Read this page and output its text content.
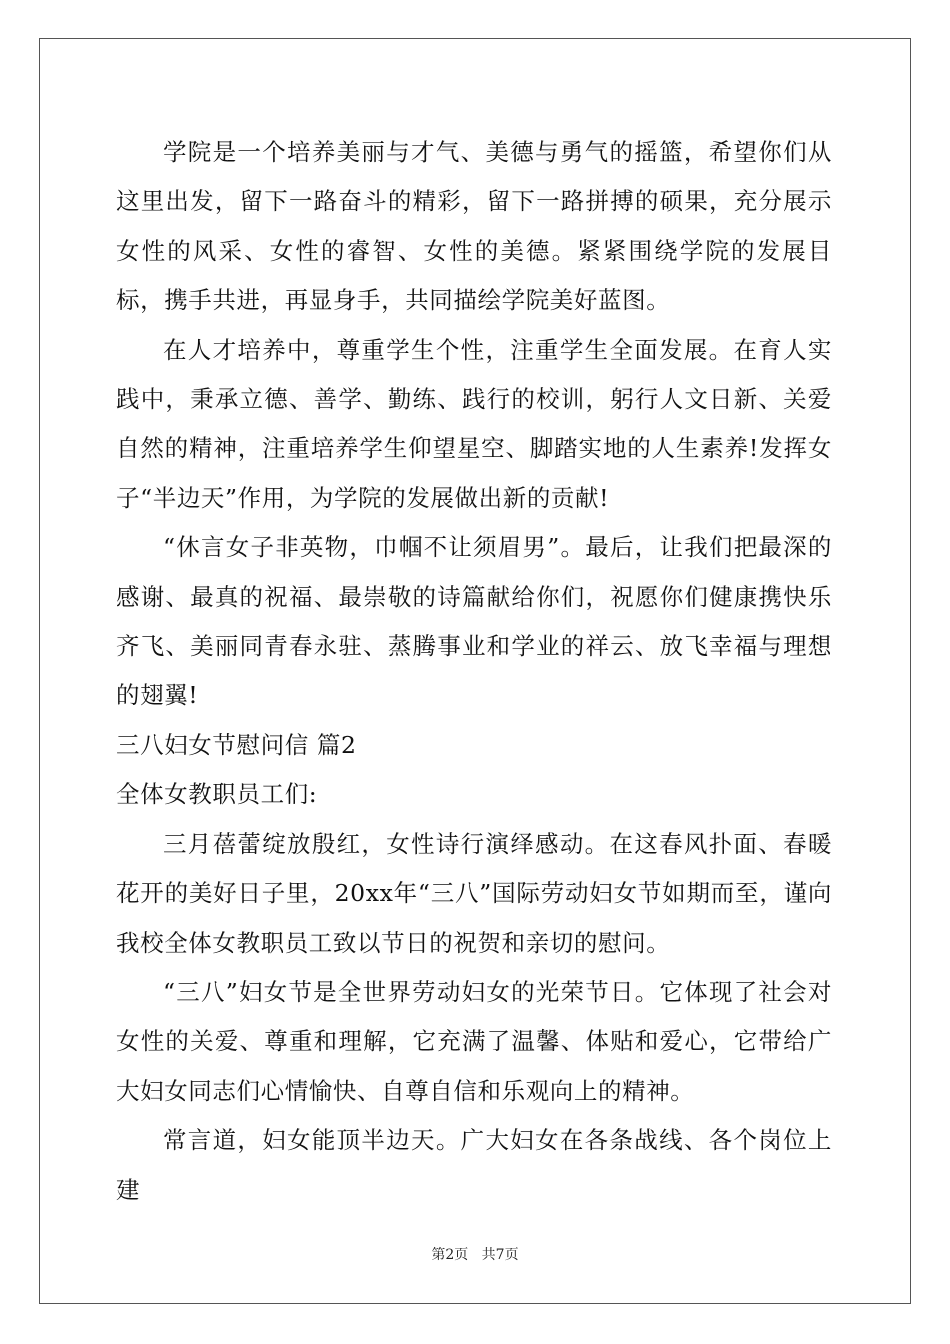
学院是一个培养美丽与才气、美德与勇气的摇篮，希望你们从这里出发，留下一路奋斗的精彩，留下一路拼搏的硕果，充分展示女性的风采、女性的睿智、女性的美德。紧紧围绕学院的发展目标，携手共进，再显身手，共同描绘学院美好蓝图。

在人才培养中，尊重学生个性，注重学生全面发展。在育人实践中，秉承立德、善学、勤练、践行的校训，躬行人文日新、关爱自然的精神，注重培养学生仰望星空、脚踏实地的人生素养!发挥女子“半边天”作用，为学院的发展做出新的贡献!

“休言女子非英物，巾帼不让须眉男”。最后，让我们把最深的感谢、最真的祝福、最崇敬的诗篇献给你们，祝愿你们健康携快乐齐飞、美丽同青春永驻、蒸腾事业和学业的祥云、放飞幸福与理想的翅翼!

三八妇女节慰问信 篇2

全体女教职员工们:

三月蓓蕾绽放殷红，女性诗行演绎感动。在这春风扑面、春暖花开的美好日子里，20xx年“三八”国际劳动妇女节如期而至，谨向我校全体女教职员工致以节日的祝贺和亲切的慰问。

“三八”妇女节是全世界劳动妇女的光荣节日。它体现了社会对女性的关爱、尊重和理解，它充满了温馨、体贴和爱心，它带给广大妇女同志们心情愉快、自尊自信和乐观向上的精神。

常言道，妇女能顶半边天。广大妇女在各条战线、各个岗位上建

第2页 共7页
